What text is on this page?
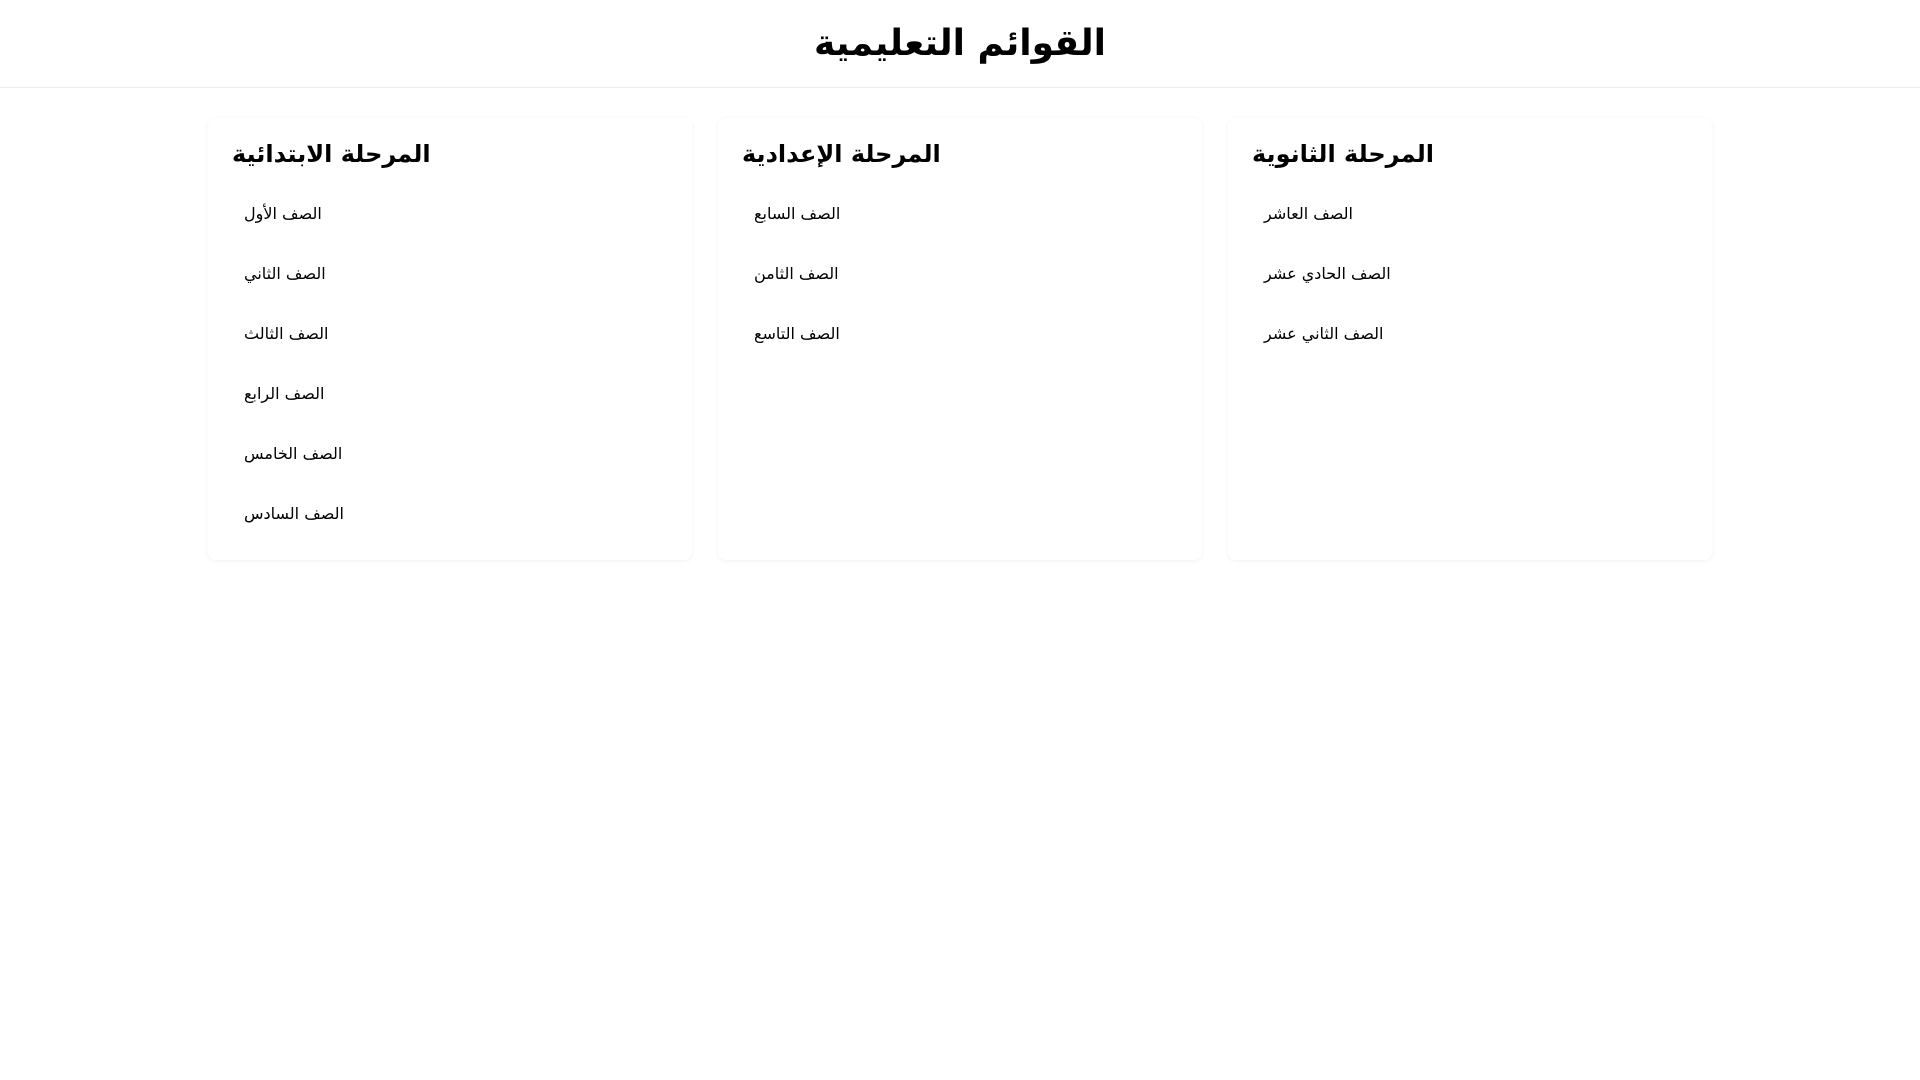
القوائم التعليمية
المرحلة الابتدائية
الصف الأول
الصف الثاني
الصف الثالث
الصف الرابع
الصف الخامس
الصف السادس
المرحلة الإعدادية
الصف السابع
الصف الثامن
الصف التاسع
المرحلة الثانوية
الصف العاشر
الصف الحادي عشر
الصف الثاني عشر
